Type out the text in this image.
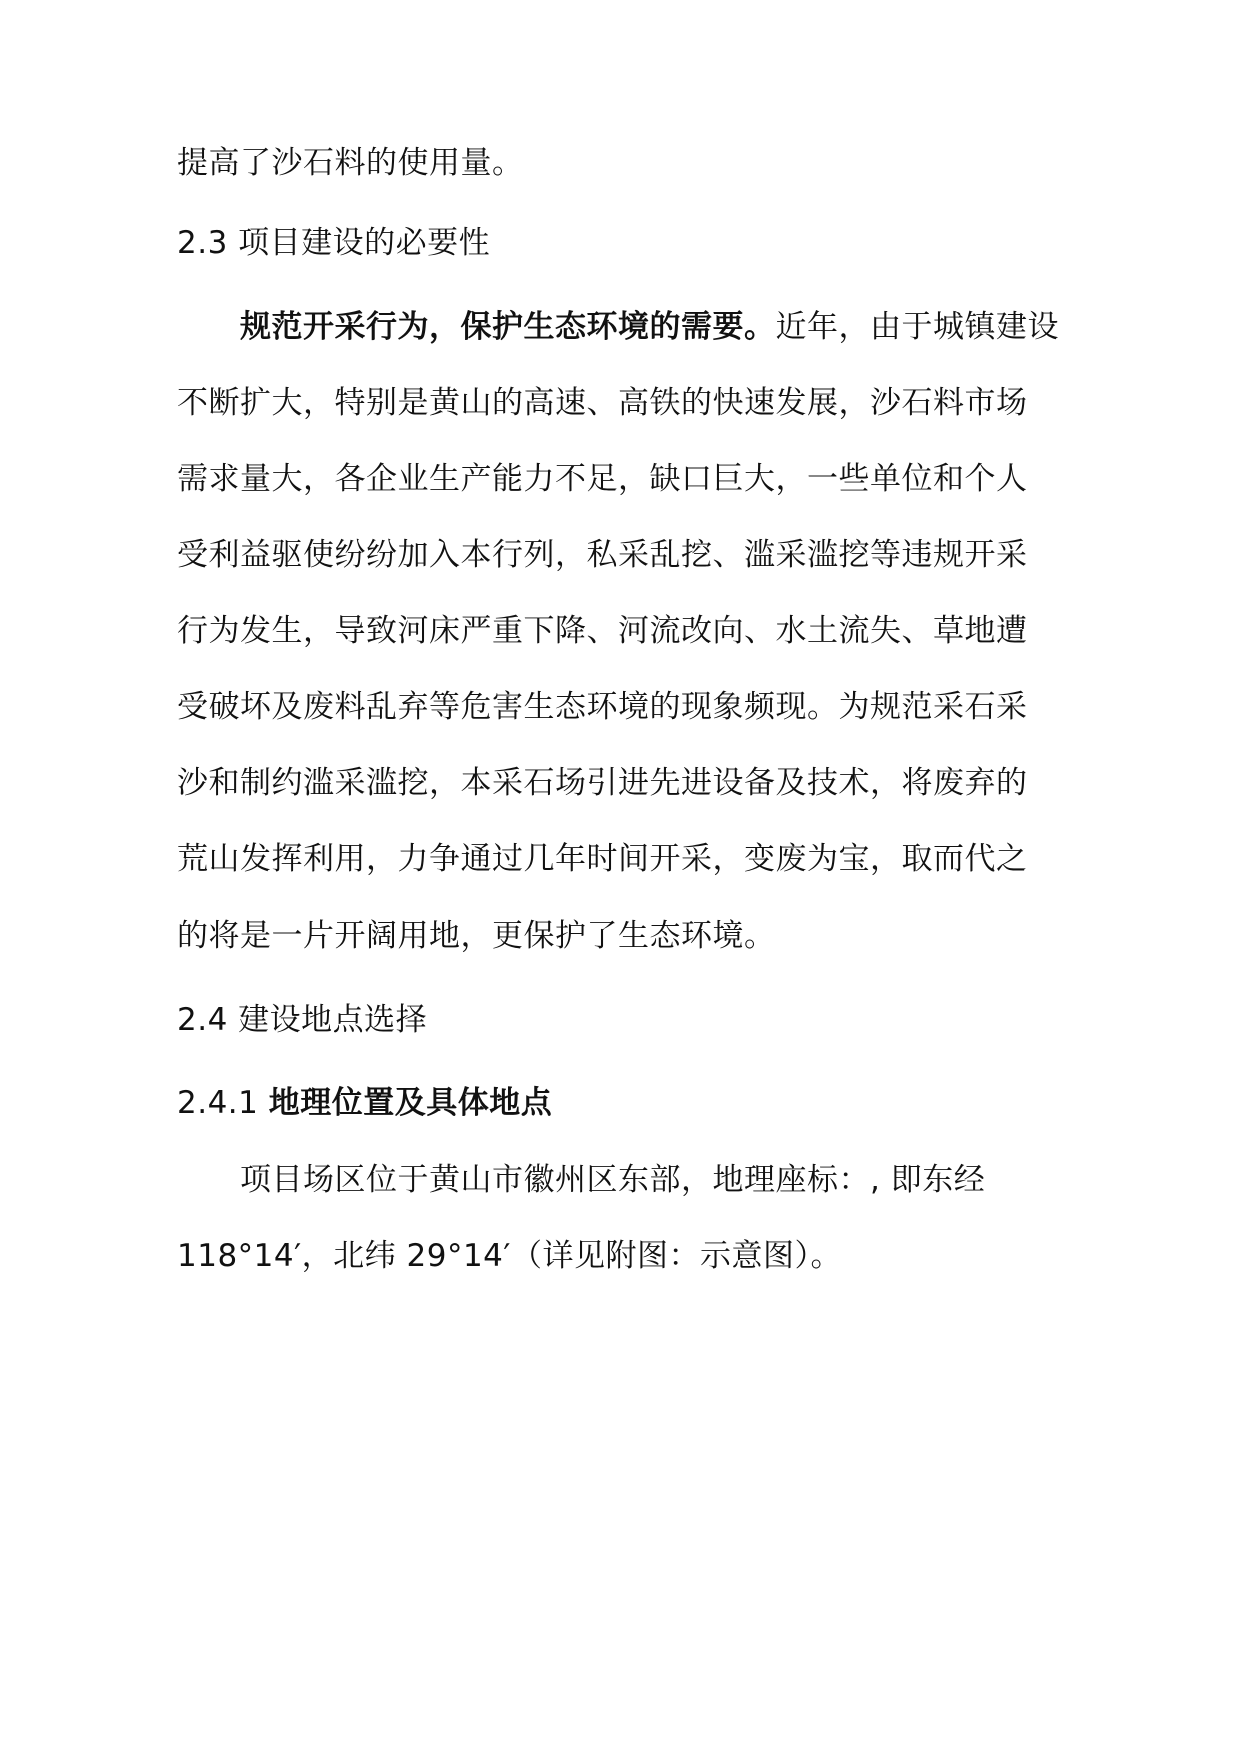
提高了沙石料的使用量。
2.3 项目建设的必要性
规范开采行为，保护生态环境的需要。近年，由于城镇建设
不断扩大，特别是黄山的高速、高铁的快速发展，沙石料市场
需求量大，各企业生产能力不足，缺口巨大，一些单位和个人
受利益驱使纷纷加入本行列，私采乱挖、滥采滥挖等违规开采
行为发生，导致河床严重下降、河流改向、水土流失、草地遭
受破坏及废料乱弃等危害生态环境的现象频现。为规范采石采
沙和制约滥采滥挖，本采石场引进先进设备及技术，将废弃的
荒山发挥利用，力争通过几年时间开采，变废为宝，取而代之
的将是一片开阔用地，更保护了生态环境。
2.4 建设地点选择
2.4.1 地理位置及具体地点
项目场区位于黄山市徽州区东部，地理座标：, 即东经
118°14′，北纬 29°14′（详见附图：示意图）。
